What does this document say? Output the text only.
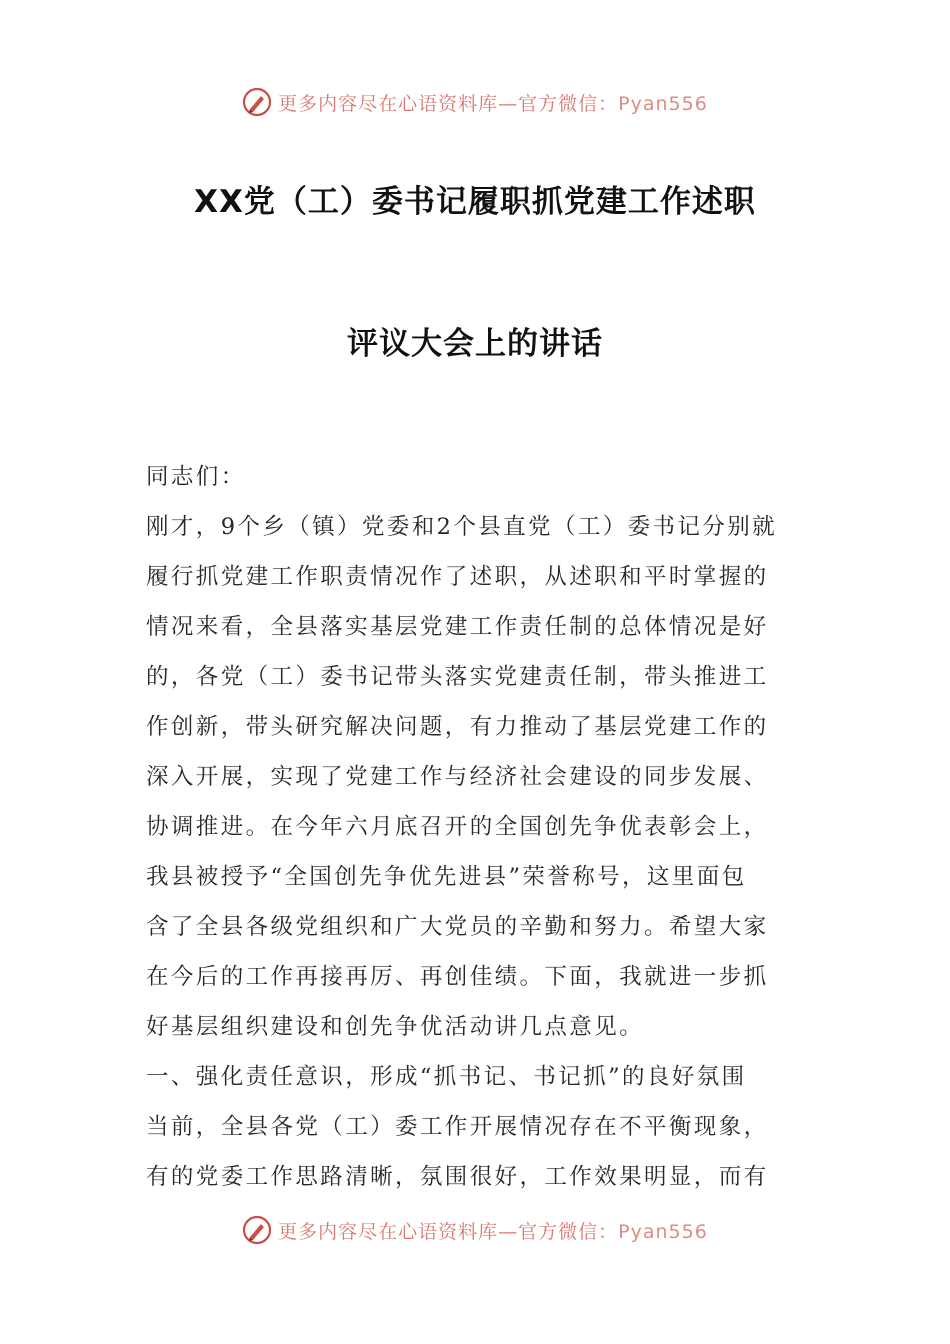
更多内容尽在心语资料库—官方微信：Pyan556
XX党（工）委书记履职抓党建工作述职
评议大会上的讲话
同志们：
刚才，9个乡（镇）党委和2个县直党（工）委书记分别就
履行抓党建工作职责情况作了述职，从述职和平时掌握的
情况来看，全县落实基层党建工作责任制的总体情况是好
的，各党（工）委书记带头落实党建责任制，带头推进工
作创新，带头研究解决问题，有力推动了基层党建工作的
深入开展，实现了党建工作与经济社会建设的同步发展、
协调推进。在今年六月底召开的全国创先争优表彰会上，
我县被授予“全国创先争优先进县”荣誉称号，这里面包
含了全县各级党组织和广大党员的辛勤和努力。希望大家
在今后的工作再接再厉、再创佳绩。下面，我就进一步抓
好基层组织建设和创先争优活动讲几点意见。
一、强化责任意识，形成“抓书记、书记抓”的良好氛围
当前，全县各党（工）委工作开展情况存在不平衡现象，
有的党委工作思路清晰，氛围很好，工作效果明显，而有
更多内容尽在心语资料库—官方微信：Pyan556
